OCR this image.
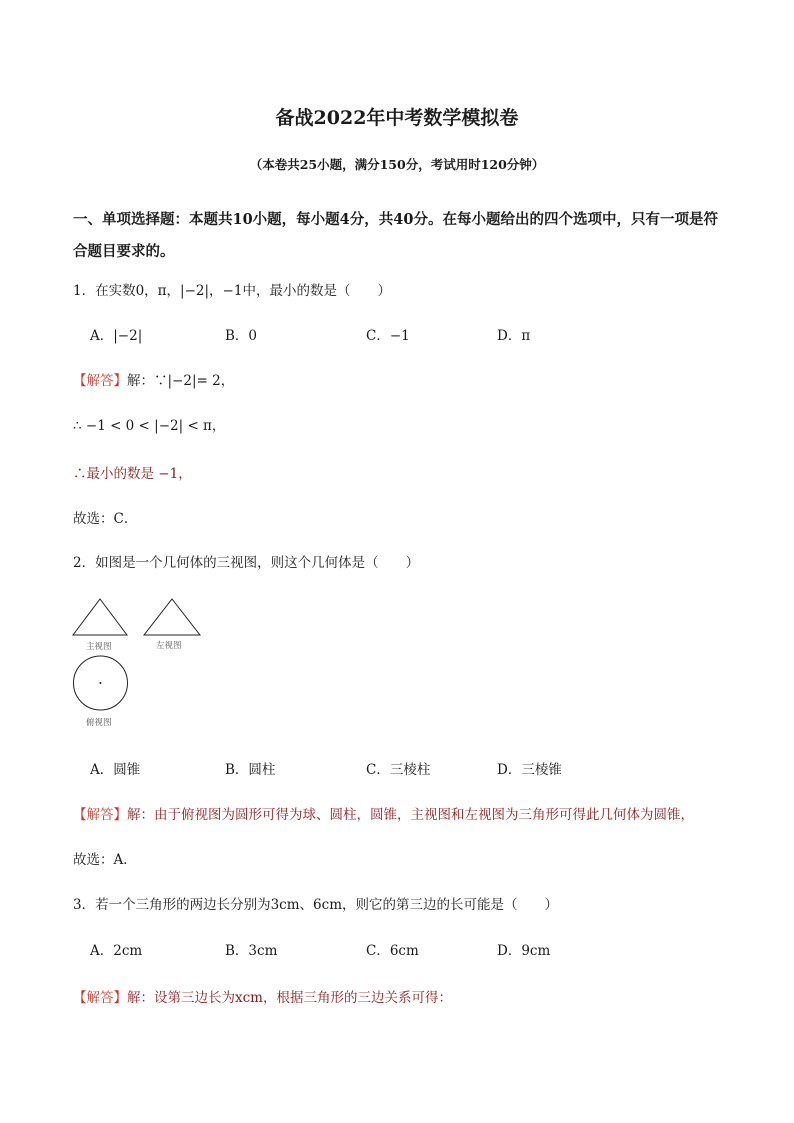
备战2022年中考数学模拟卷
（本卷共25小题，满分150分，考试用时120分钟）
一、单项选择题：本题共10小题，每小题4分，共40分。在每小题给出的四个选项中，只有一项是符合题目要求的。
1．在实数0，π，|−2|，−1中，最小的数是（　　）
A．|−2|	B．0	C．−1	D．π
【解答】解：∵|−2|= 2，
∴ −1 < 0 < |−2| < π，
∴最小的数是 −1，
故选：C．
2．如图是一个几何体的三视图，则这个几何体是（　　）
主视图	左视图
俯视图
A．圆锥	B．圆柱	C．三棱柱	D．三棱锥
【解答】解：由于俯视图为圆形可得为球、圆柱，圆锥，主视图和左视图为三角形可得此几何体为圆锥，
故选：A．
3．若一个三角形的两边长分别为3cm、6cm，则它的第三边的长可能是（　　）
A．2cm	B．3cm	C．6cm	D．9cm
【解答】解：设第三边长为xcm，根据三角形的三边关系可得：
